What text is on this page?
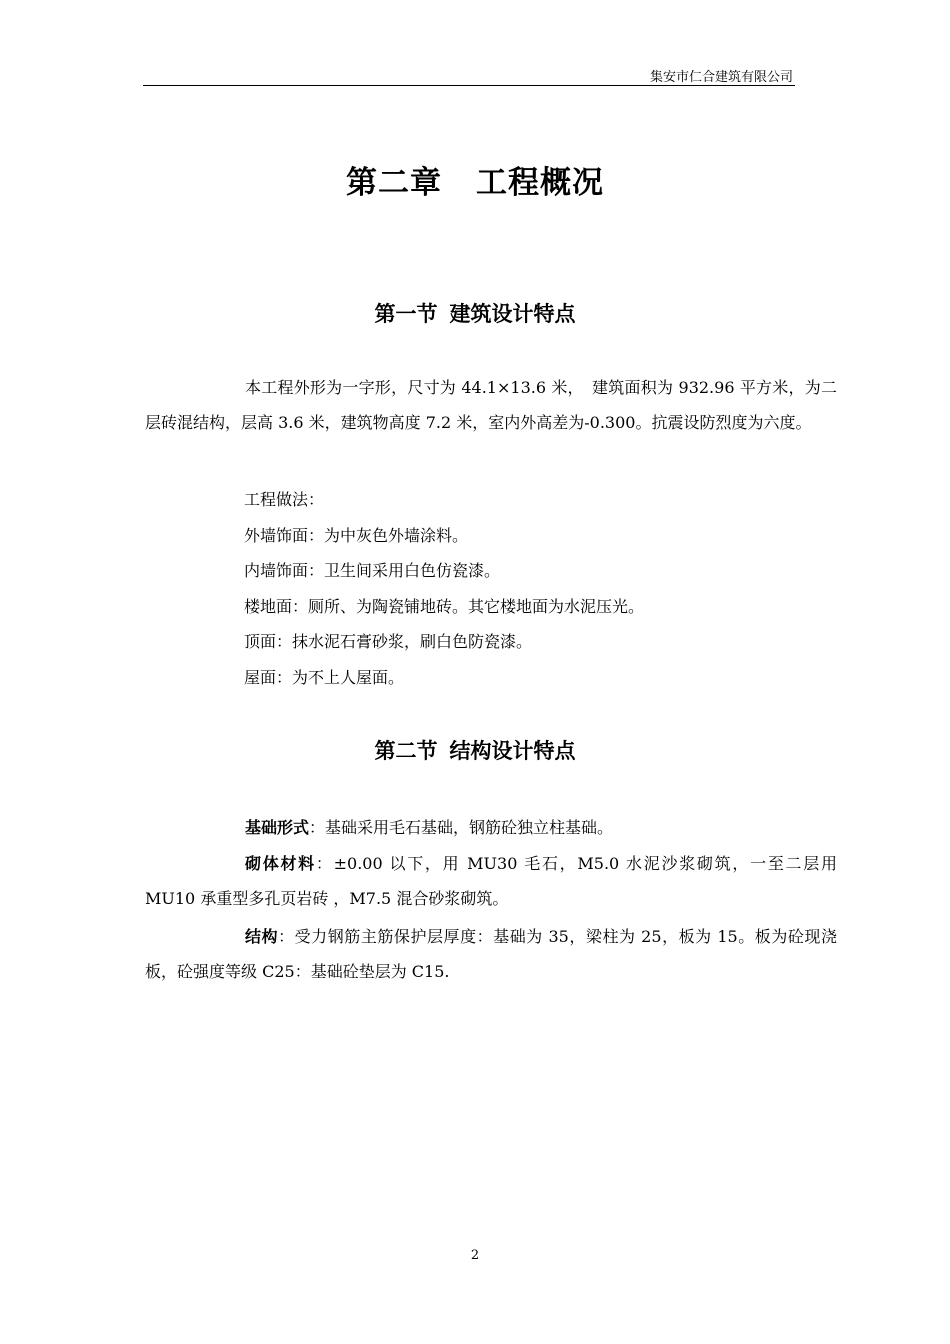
集安市仁合建筑有限公司
第二章 工程概况
第一节 建筑设计特点

本工程外形为一字形，尺寸为 44.1×13.6 米，　建筑面积为 932.96 平方米，为二层砖混结构，层高 3.6 米，建筑物高度 7.2 米，室内外高差为-0.300。抗震设防烈度为六度。

工程做法：
外墙饰面：为中灰色外墙涂料。
内墙饰面：卫生间采用白色仿瓷漆。
楼地面：厕所、为陶瓷铺地砖。其它楼地面为水泥压光。
顶面：抹水泥石膏砂浆，刷白色防瓷漆。
屋面：为不上人屋面。
第二节 结构设计特点

基础形式：基础采用毛石基础，钢筋砼独立柱基础。

砌体材料：±0.00 以下，用 MU30 毛石，M5.0 水泥沙浆砌筑，一至二层用 MU10 承重型多孔页岩砖 ，M7.5 混合砂浆砌筑。

结构：受力钢筋主筋保护层厚度：基础为 35，梁柱为 25，板为 15。板为砼现浇板，砼强度等级 C25：基础砼垫层为 C15.

2
